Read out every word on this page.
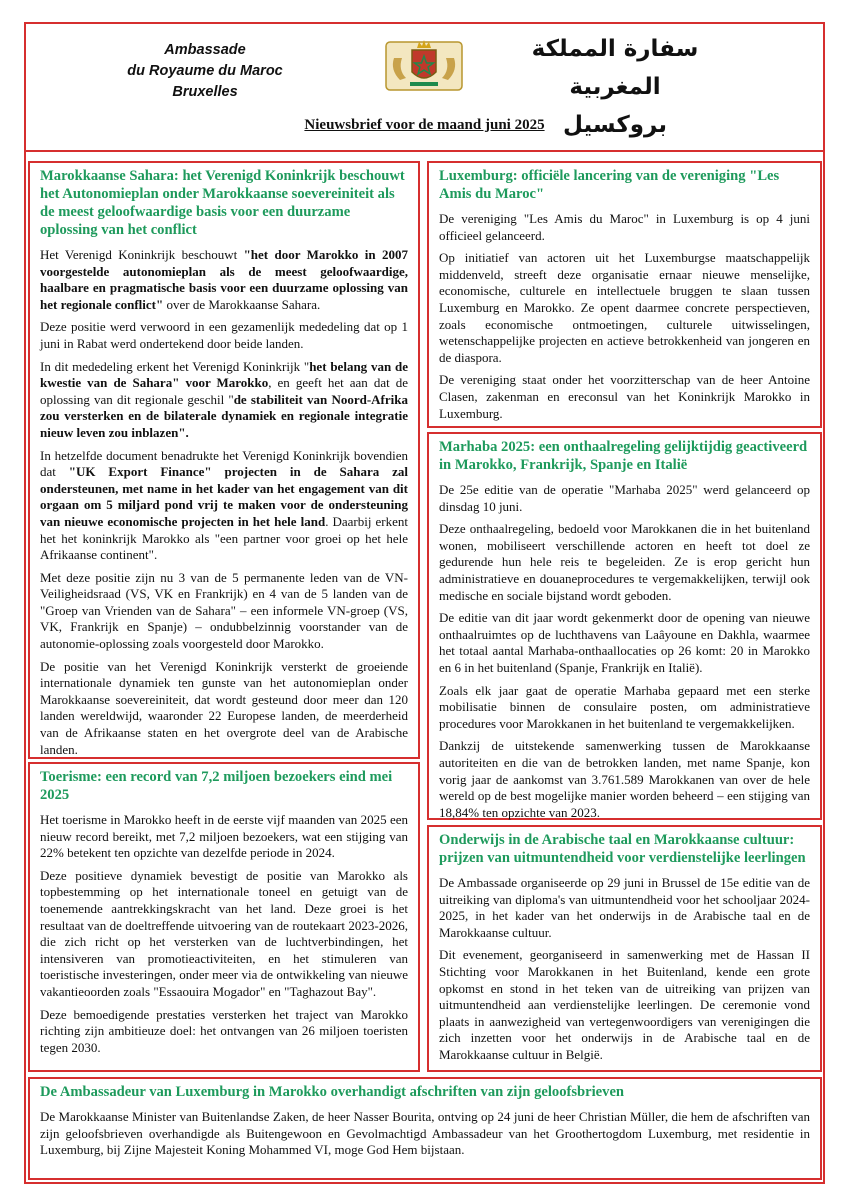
Ambassade
du Royaume du Maroc
Bruxelles
سفارة المملكة المغربية
بروكسيل
Nieuwsbrief voor de maand juni 2025
Marokkaanse Sahara: het Verenigd Koninkrijk beschouwt het Autonomieplan onder Marokkaanse soevereiniteit als de meest geloofwaardige basis voor een duurzame oplossing van het conflict

Het Verenigd Koninkrijk beschouwt "het door Marokko in 2007 voorgestelde autonomieplan als de meest geloofwaardige, haalbare en pragmatische basis voor een duurzame oplossing van het regionale conflict" over de Marokkaanse Sahara.

Deze positie werd verwoord in een gezamenlijk mededeling dat op 1 juni in Rabat werd ondertekend door beide landen.

In dit mededeling erkent het Verenigd Koninkrijk "het belang van de kwestie van de Sahara" voor Marokko, en geeft het aan dat de oplossing van dit regionale geschil "de stabiliteit van Noord-Afrika zou versterken en de bilaterale dynamiek en regionale integratie nieuw leven zou inblazen".

In hetzelfde document benadrukte het Verenigd Koninkrijk bovendien dat "UK Export Finance" projecten in de Sahara zal ondersteunen, met name in het kader van het engagement van dit orgaan om 5 miljard pond vrij te maken voor de ondersteuning van nieuwe economische projecten in het hele land. Daarbij erkent het het koninkrijk Marokko als "een partner voor groei op het hele Afrikaanse continent".

Met deze positie zijn nu 3 van de 5 permanente leden van de VN-Veiligheidsraad (VS, VK en Frankrijk) en 4 van de 5 landen van de "Groep van Vrienden van de Sahara" – een informele VN-groep (VS, VK, Frankrijk en Spanje) – ondubbelzinnig voorstander van de autonomie-oplossing zoals voorgesteld door Marokko.

De positie van het Verenigd Koninkrijk versterkt de groeiende internationale dynamiek ten gunste van het autonomieplan onder Marokkaanse soevereiniteit, dat wordt gesteund door meer dan 120 landen wereldwijd, waaronder 22 Europese landen, de meerderheid van de Afrikaanse staten en het overgrote deel van de Arabische landen.

Toerisme: een record van 7,2 miljoen bezoekers eind mei 2025

Het toerisme in Marokko heeft in de eerste vijf maanden van 2025 een nieuw record bereikt, met 7,2 miljoen bezoekers, wat een stijging van 22% betekent ten opzichte van dezelfde periode in 2024.

Deze positieve dynamiek bevestigt de positie van Marokko als topbestemming op het internationale toneel en getuigt van de toenemende aantrekkingskracht van het land. Deze groei is het resultaat van de doeltreffende uitvoering van de routekaart 2023-2026, die zich richt op het versterken van de luchtverbindingen, het intensiveren van promotieactiviteiten, en het stimuleren van toeristische investeringen, onder meer via de ontwikkeling van nieuwe vakantieoorden zoals "Essaouira Mogador" en "Taghazout Bay".

Deze bemoedigende prestaties versterken het traject van Marokko richting zijn ambitieuze doel: het ontvangen van 26 miljoen toeristen tegen 2030.

Luxemburg: officiële lancering van de vereniging "Les Amis du Maroc"

De vereniging "Les Amis du Maroc" in Luxemburg is op 4 juni officieel gelanceerd.

Op initiatief van actoren uit het Luxemburgse maatschappelijk middenveld, streeft deze organisatie ernaar nieuwe menselijke, economische, culturele en intellectuele bruggen te slaan tussen Luxemburg en Marokko. Ze opent daarmee concrete perspectieven, zoals economische ontmoetingen, culturele uitwisselingen, wetenschappelijke projecten en actieve betrokkenheid van jongeren en de diaspora.

De vereniging staat onder het voorzitterschap van de heer Antoine Clasen, zakenman en ereconsul van het Koninkrijk Marokko in Luxemburg.

Marhaba 2025: een onthaalregeling gelijktijdig geactiveerd in Marokko, Frankrijk, Spanje en Italië

De 25e editie van de operatie "Marhaba 2025" werd gelanceerd op dinsdag 10 juni.

Deze onthaalregeling, bedoeld voor Marokkanen die in het buitenland wonen, mobiliseert verschillende actoren en heeft tot doel ze gedurende hun hele reis te begeleiden. Ze is erop gericht hun administratieve en douaneprocedures te vergemakkelijken, terwijl ook medische en sociale bijstand wordt geboden.

De editie van dit jaar wordt gekenmerkt door de opening van nieuwe onthaalruimtes op de luchthavens van Laâyoune en Dakhla, waarmee het totaal aantal Marhaba-onthaallocaties op 26 komt: 20 in Marokko en 6 in het buitenland (Spanje, Frankrijk en Italië).

Zoals elk jaar gaat de operatie Marhaba gepaard met een sterke mobilisatie binnen de consulaire posten, om administratieve procedures voor Marokkanen in het buitenland te vergemakkelijken.

Dankzij de uitstekende samenwerking tussen de Marokkaanse autoriteiten en die van de betrokken landen, met name Spanje, kon vorig jaar de aankomst van 3.761.589 Marokkanen van over de hele wereld op de best mogelijke manier worden beheerd – een stijging van 18,84% ten opzichte van 2023.

Onderwijs in de Arabische taal en Marokkaanse cultuur: prijzen van uitmuntendheid voor verdienstelijke leerlingen

De Ambassade organiseerde op 29 juni in Brussel de 15e editie van de uitreiking van diploma's van uitmuntendheid voor het schooljaar 2024-2025, in het kader van het onderwijs in de Arabische taal en de Marokkaanse cultuur.

Dit evenement, georganiseerd in samenwerking met de Hassan II Stichting voor Marokkanen in het Buitenland, kende een grote opkomst en stond in het teken van de uitreiking van prijzen van uitmuntendheid aan verdienstelijke leerlingen. De ceremonie vond plaats in aanwezigheid van vertegenwoordigers van verenigingen die zich inzetten voor het onderwijs in de Arabische taal en de Marokkaanse cultuur in België.

De Ambassadeur van Luxemburg in Marokko overhandigt afschriften van zijn geloofsbrieven

De Marokkaanse Minister van Buitenlandse Zaken, de heer Nasser Bourita, ontving op 24 juni de heer Christian Müller, die hem de afschriften van zijn geloofsbrieven overhandigde als Buitengewoon en Gevolmachtigd Ambassadeur van het Groothertogdom Luxemburg, met residentie in Luxemburg, bij Zijne Majesteit Koning Mohammed VI, moge God Hem bijstaan.
